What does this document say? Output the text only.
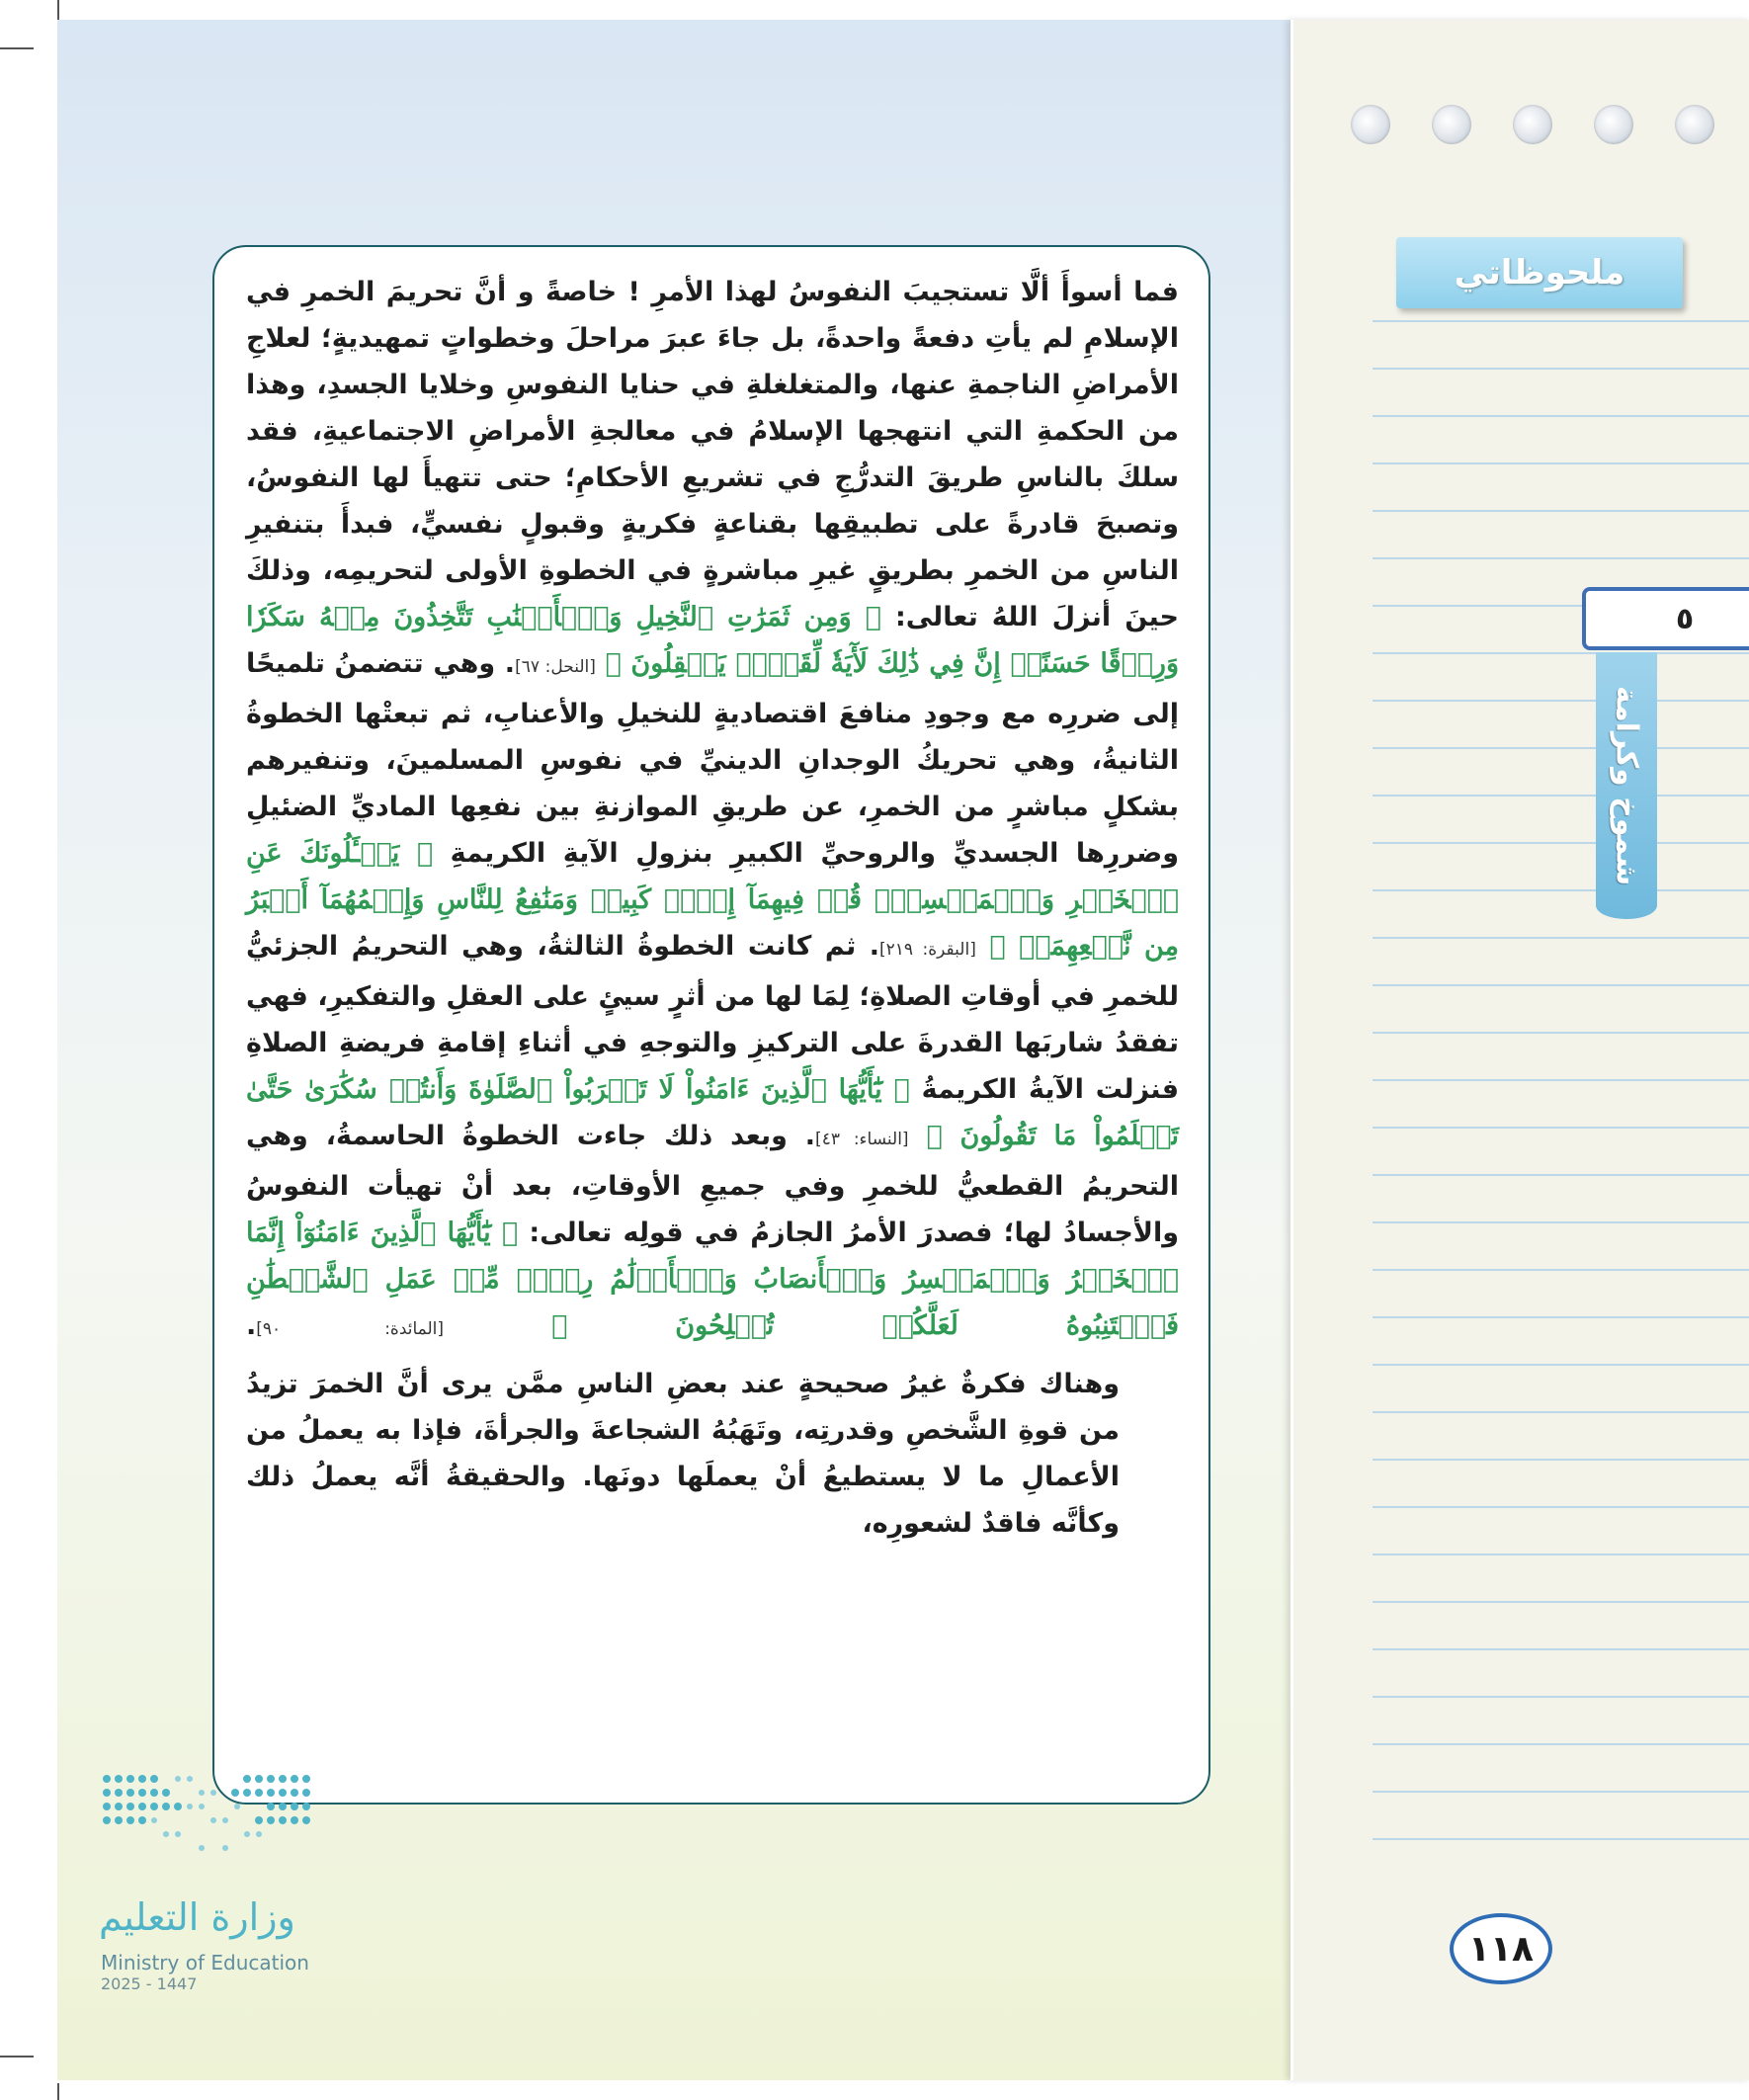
ملحوظاتي
٥
شموخ وكرامة
١١٨

فما أسوأَ ألَّا تستجيبَ النفوسُ لهذا الأمرِ ! خاصةً و أنَّ تحريمَ الخمرِ في الإسلامِ لم يأتِ دفعةً واحدةً، بل جاءَ عبرَ مراحلَ وخطواتٍ تمهيديةٍ؛ لعلاجِ الأمراضِ الناجمةِ عنها، والمتغلغلةِ في حنايا النفوسِ وخلايا الجسدِ، وهذا من الحكمةِ التي انتهجها الإسلامُ في معالجةِ الأمراضِ الاجتماعيةِ، فقد سلكَ بالناسِ طريقَ التدرُّجِ في تشريعِ الأحكامِ؛ حتى تتهيأَ لها النفوسُ، وتصبحَ قادرةً على تطبيقِها بقناعةٍ فكريةٍ وقبولٍ نفسيٍّ، فبدأَ بتنفيرِ الناسِ من الخمرِ بطريقٍ غيرِ مباشرةٍ في الخطوةِ الأولى لتحريمِه، وذلكَ حينَ أنزلَ اللهُ تعالى: ﴿ وَمِن ثَمَرَٰتِ ٱلنَّخِيلِ وَٱلۡأَعۡنَٰبِ تَتَّخِذُونَ مِنۡهُ سَكَرٗا وَرِزۡقًا حَسَنًاۚ إِنَّ فِي ذَٰلِكَ لَأٓيَةٗ لِّقَوۡمٖ يَعۡقِلُونَ ﴾ [النحل: ٦٧]. وهي تتضمنُ تلميحًا إلى ضررِه مع وجودِ منافعَ اقتصاديةٍ للنخيلِ والأعنابِ، ثم تبعتْها الخطوةُ الثانيةُ، وهي تحريكُ الوجدانِ الدينيِّ في نفوسِ المسلمينَ، وتنفيرهم بشكلٍ مباشرٍ من الخمرِ، عن طريقِ الموازنةِ بين نفعِها الماديِّ الضئيلِ وضررِها الجسديِّ والروحيِّ الكبيرِ بنزولِ الآيةِ الكريمةِ ﴿ يَسۡـَٔلُونَكَ عَنِ ٱلۡخَمۡرِ وَٱلۡمَيۡسِرِۖ قُلۡ فِيهِمَآ إِثۡمٞ كَبِيرٞ وَمَنَٰفِعُ لِلنَّاسِ وَإِثۡمُهُمَآ أَكۡبَرُ مِن نَّفۡعِهِمَاۗ ﴾ [البقرة: ٢١٩]. ثم كانت الخطوةُ الثالثةُ، وهي التحريمُ الجزئيُّ للخمرِ في أوقاتِ الصلاةِ؛ لِمَا لها من أثرٍ سيئٍ على العقلِ والتفكيرِ، فهي تفقدُ شاربَها القدرةَ على التركيزِ والتوجهِ في أثناءِ إقامةِ فريضةِ الصلاةِ فنزلت الآيةُ الكريمةُ ﴿ يَٰٓأَيُّهَا ٱلَّذِينَ ءَامَنُواْ لَا تَقۡرَبُواْ ٱلصَّلَوٰةَ وَأَنتُمۡ سُكَٰرَىٰ حَتَّىٰ تَعۡلَمُواْ مَا تَقُولُونَ ﴾ [النساء: ٤٣]. وبعد ذلك جاءت الخطوةُ الحاسمةُ، وهي التحريمُ القطعيُّ للخمرِ وفي جميعِ الأوقاتِ، بعد أنْ تهيأت النفوسُ والأجسادُ لها؛ فصدرَ الأمرُ الجازمُ في قولِه تعالى: ﴿ يَٰٓأَيُّهَا ٱلَّذِينَ ءَامَنُوٓاْ إِنَّمَا ٱلۡخَمۡرُ وَٱلۡمَيۡسِرُ وَٱلۡأَنصَابُ وَٱلۡأَزۡلَٰمُ رِجۡسٞ مِّنۡ عَمَلِ ٱلشَّيۡطَٰنِ فَٱجۡتَنِبُوهُ لَعَلَّكُمۡ تُفۡلِحُونَ ﴾ [المائدة: ٩٠].

وهناك فكرةٌ غيرُ صحيحةٍ عند بعضِ الناسِ ممَّن يرى أنَّ الخمرَ تزيدُ من قوةِ الشَّخصِ وقدرتِه، وتَهَبُهُ الشجاعةَ والجرأةَ، فإذا به يعملُ من الأعمالِ ما لا يستطيعُ أنْ يعملَها دونَها. والحقيقةُ أنَّه يعملُ ذلك وكأنَّه فاقدٌ لشعورِه،

وزارة التعليم
Ministry of Education
2025 - 1447
